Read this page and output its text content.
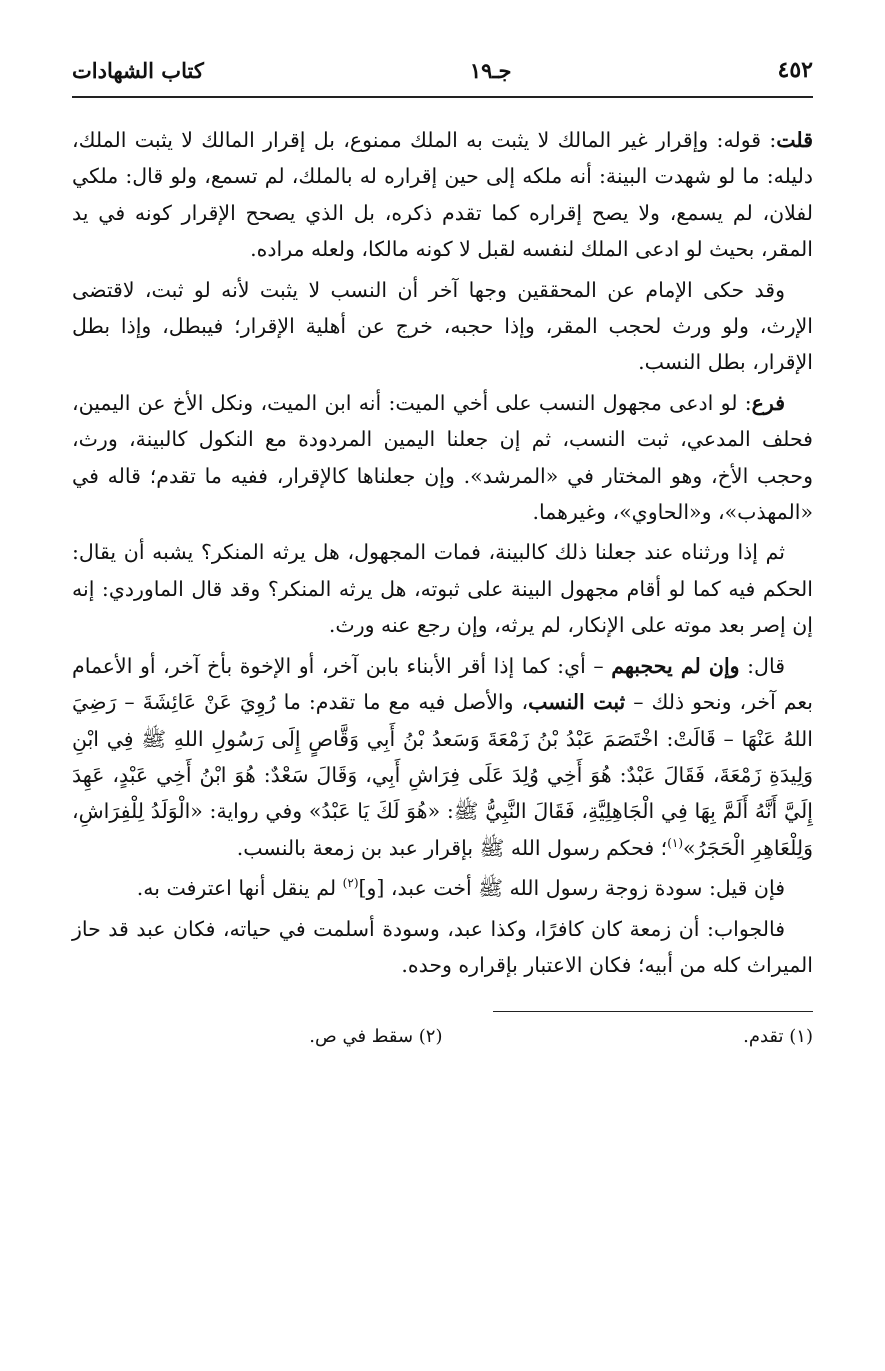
٤٥٢
جـ١٩
كتاب الشهادات

قلت: قوله: وإقرار غير المالك لا يثبت به الملك ممنوع، بل إقرار المالك لا يثبت الملك، دليله: ما لو شهدت البينة: أنه ملكه إلى حين إقراره له بالملك، لم تسمع، ولو قال: ملكي لفلان، لم يسمع، ولا يصح إقراره كما تقدم ذكره، بل الذي يصحح الإقرار كونه في يد المقر، بحيث لو ادعى الملك لنفسه لقبل لا كونه مالكا، ولعله مراده.

وقد حكى الإمام عن المحققين وجها آخر أن النسب لا يثبت لأنه لو ثبت، لاقتضى الإرث، ولو ورث لحجب المقر، وإذا حجبه، خرج عن أهلية الإقرار؛ فيبطل، وإذا بطل الإقرار، بطل النسب.

فرع: لو ادعى مجهول النسب على أخي الميت: أنه ابن الميت، ونكل الأخ عن اليمين، فحلف المدعي، ثبت النسب، ثم إن جعلنا اليمين المردودة مع النكول كالبينة، ورث، وحجب الأخ، وهو المختار في «المرشد». وإن جعلناها كالإقرار، ففيه ما تقدم؛ قاله في «المهذب»، و«الحاوي»، وغيرهما.

ثم إذا ورثناه عند جعلنا ذلك كالبينة، فمات المجهول، هل يرثه المنكر؟ يشبه أن يقال: الحكم فيه كما لو أقام مجهول البينة على ثبوته، هل يرثه المنكر؟ وقد قال الماوردي: إنه إن إصر بعد موته على الإنكار، لم يرثه، وإن رجع عنه ورث.

قال: وإن لم يحجبهم – أي: كما إذا أقر الأبناء بابن آخر، أو الإخوة بأخ آخر، أو الأعمام بعم آخر، ونحو ذلك – ثبت النسب، والأصل فيه مع ما تقدم: ما رُوِيَ عَنْ عَائِشَةَ – رَضِيَ اللهُ عَنْهَا – قَالَتْ: اخْتَصَمَ عَبْدُ بْنُ زَمْعَةَ وَسَعدُ بْنُ أَبِي وَقَّاصٍ إِلَى رَسُولِ اللهِ ﷺ فِي ابْنِ وَلِيدَةِ زَمْعَةَ، فَقَالَ عَبْدٌ: هُوَ أَخِي وُلِدَ عَلَى فِرَاشِ أَبِي، وَقَالَ سَعْدٌ: هُوَ ابْنُ أَخِي عَبْدٍ، عَهِدَ إِلَيَّ أَنَّهُ أَلَمَّ بِهَا فِي الْجَاهِلِيَّةِ، فَقَالَ النَّبِيُّ ﷺ: «هُوَ لَكَ يَا عَبْدُ» وفي رواية: «الْوَلَدُ لِلْفِرَاشِ، وَلِلْعَاهِرِ الْحَجَرُ»$^{(١)}$؛ فحكم رسول الله ﷺ بإقرار عبد بن زمعة بالنسب.

فإن قيل: سودة زوجة رسول الله ﷺ أخت عبد، [و]$^{(٢)}$ لم ينقل أنها اعترفت به.

فالجواب: أن زمعة كان كافرًا، وكذا عبد، وسودة أسلمت في حياته، فكان عبد قد حاز الميراث كله من أبيه؛ فكان الاعتبار بإقراره وحده.

(١) تقدم.
(٢) سقط في ص.
